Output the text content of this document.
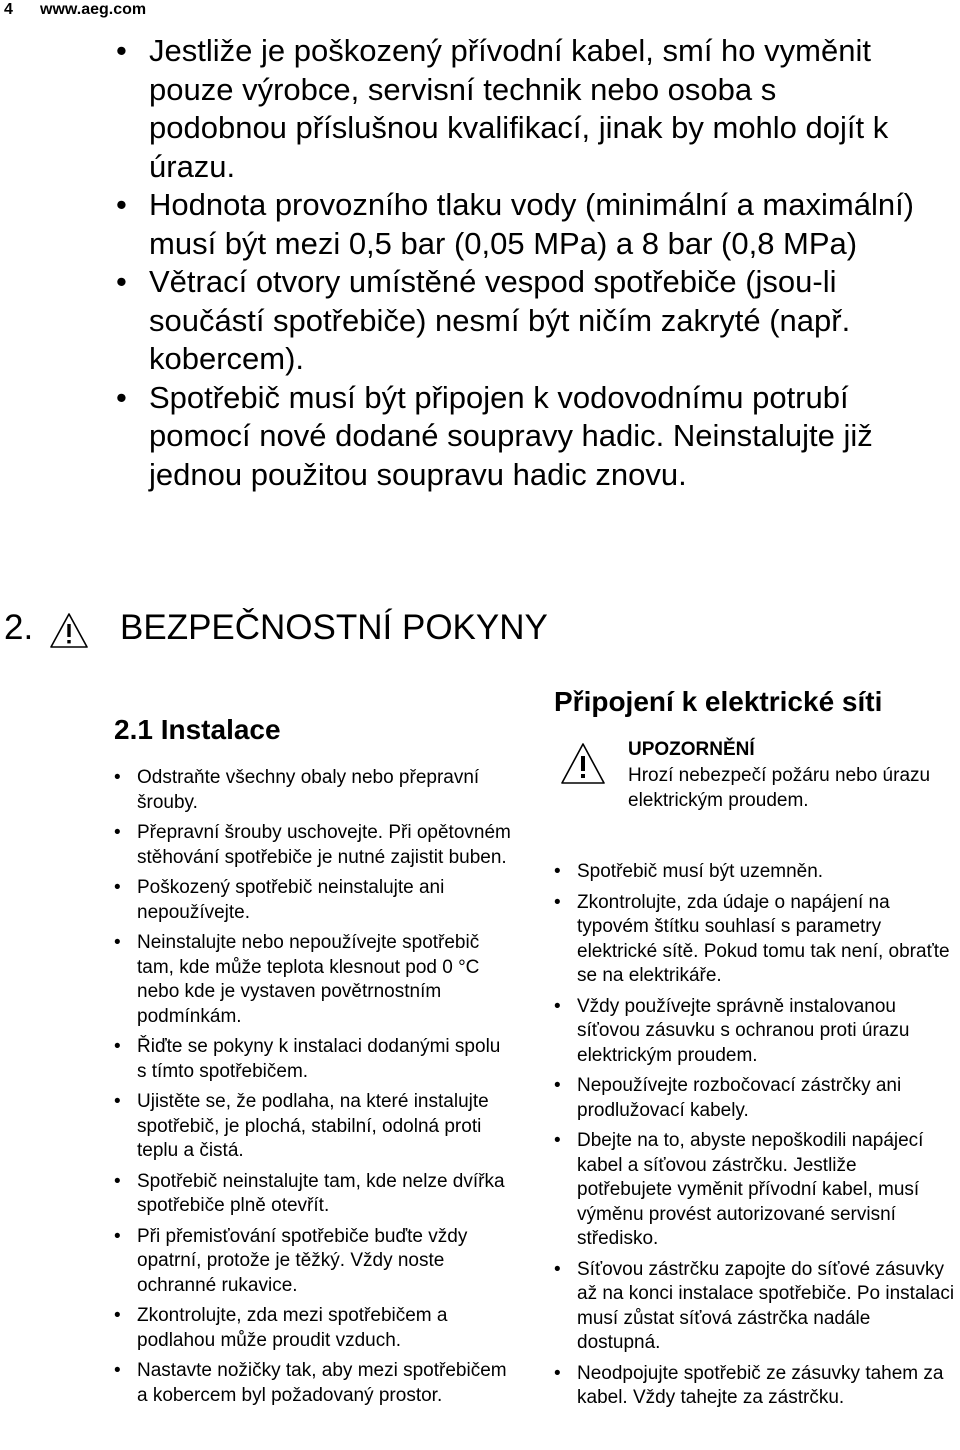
4 www.aeg.com
• Jestliže je poškozený přívodní kabel, smí ho vyměnit pouze výrobce, servisní technik nebo osoba s podobnou příslušnou kvalifikací, jinak by mohlo dojít k úrazu.
• Hodnota provozního tlaku vody (minimální a maximální) musí být mezi 0,5 bar (0,05 MPa) a 8 bar (0,8 MPa)
• Větrací otvory umístěné vespod spotřebiče (jsou-li součástí spotřebiče) nesmí být ničím zakryté (např. kobercem).
• Spotřebič musí být připojen k vodovodnímu potrubí pomocí nové dodané soupravy hadic. Neinstalujte již jednou použitou soupravu hadic znovu.
2. BEZPEČNOSTNÍ POKYNY
2.1 Instalace
• Odstraňte všechny obaly nebo přepravní šrouby.
• Přepravní šrouby uschovejte. Při opětovném stěhování spotřebiče je nutné zajistit buben.
• Poškozený spotřebič neinstalujte ani nepoužívejte.
• Neinstalujte nebo nepoužívejte spotřebič tam, kde může teplota klesnout pod 0 °C nebo kde je vystaven povětrnostním podmínkám.
• Řiďte se pokyny k instalaci dodanými spolu s tímto spotřebičem.
• Ujistěte se, že podlaha, na které instalujte spotřebič, je plochá, stabilní, odolná proti teplu a čistá.
• Spotřebič neinstalujte tam, kde nelze dvířka spotřebiče plně otevřít.
• Při přemisťování spotřebiče buďte vždy opatrní, protože je těžký. Vždy noste ochranné rukavice.
• Zkontrolujte, zda mezi spotřebičem a podlahou může proudit vzduch.
• Nastavte nožičky tak, aby mezi spotřebičem a kobercem byl požadovaný prostor.
Připojení k elektrické síti
UPOZORNĚNÍ
Hrozí nebezpečí požáru nebo úrazu elektrickým proudem.
• Spotřebič musí být uzemněn.
• Zkontrolujte, zda údaje o napájení na typovém štítku souhlasí s parametry elektrické sítě. Pokud tomu tak není, obraťte se na elektrikáře.
• Vždy používejte správně instalovanou síťovou zásuvku s ochranou proti úrazu elektrickým proudem.
• Nepoužívejte rozbočovací zástrčky ani prodlužovací kabely.
• Dbejte na to, abyste nepoškodili napájecí kabel a síťovou zástrčku. Jestliže potřebujete vyměnit přívodní kabel, musí výměnu provést autorizované servisní středisko.
• Síťovou zástrčku zapojte do síťové zásuvky až na konci instalace spotřebiče. Po instalaci musí zůstat síťová zástrčka nadále dostupná.
• Neodpojujte spotřebič ze zásuvky tahem za kabel. Vždy tahejte za zástrčku.
